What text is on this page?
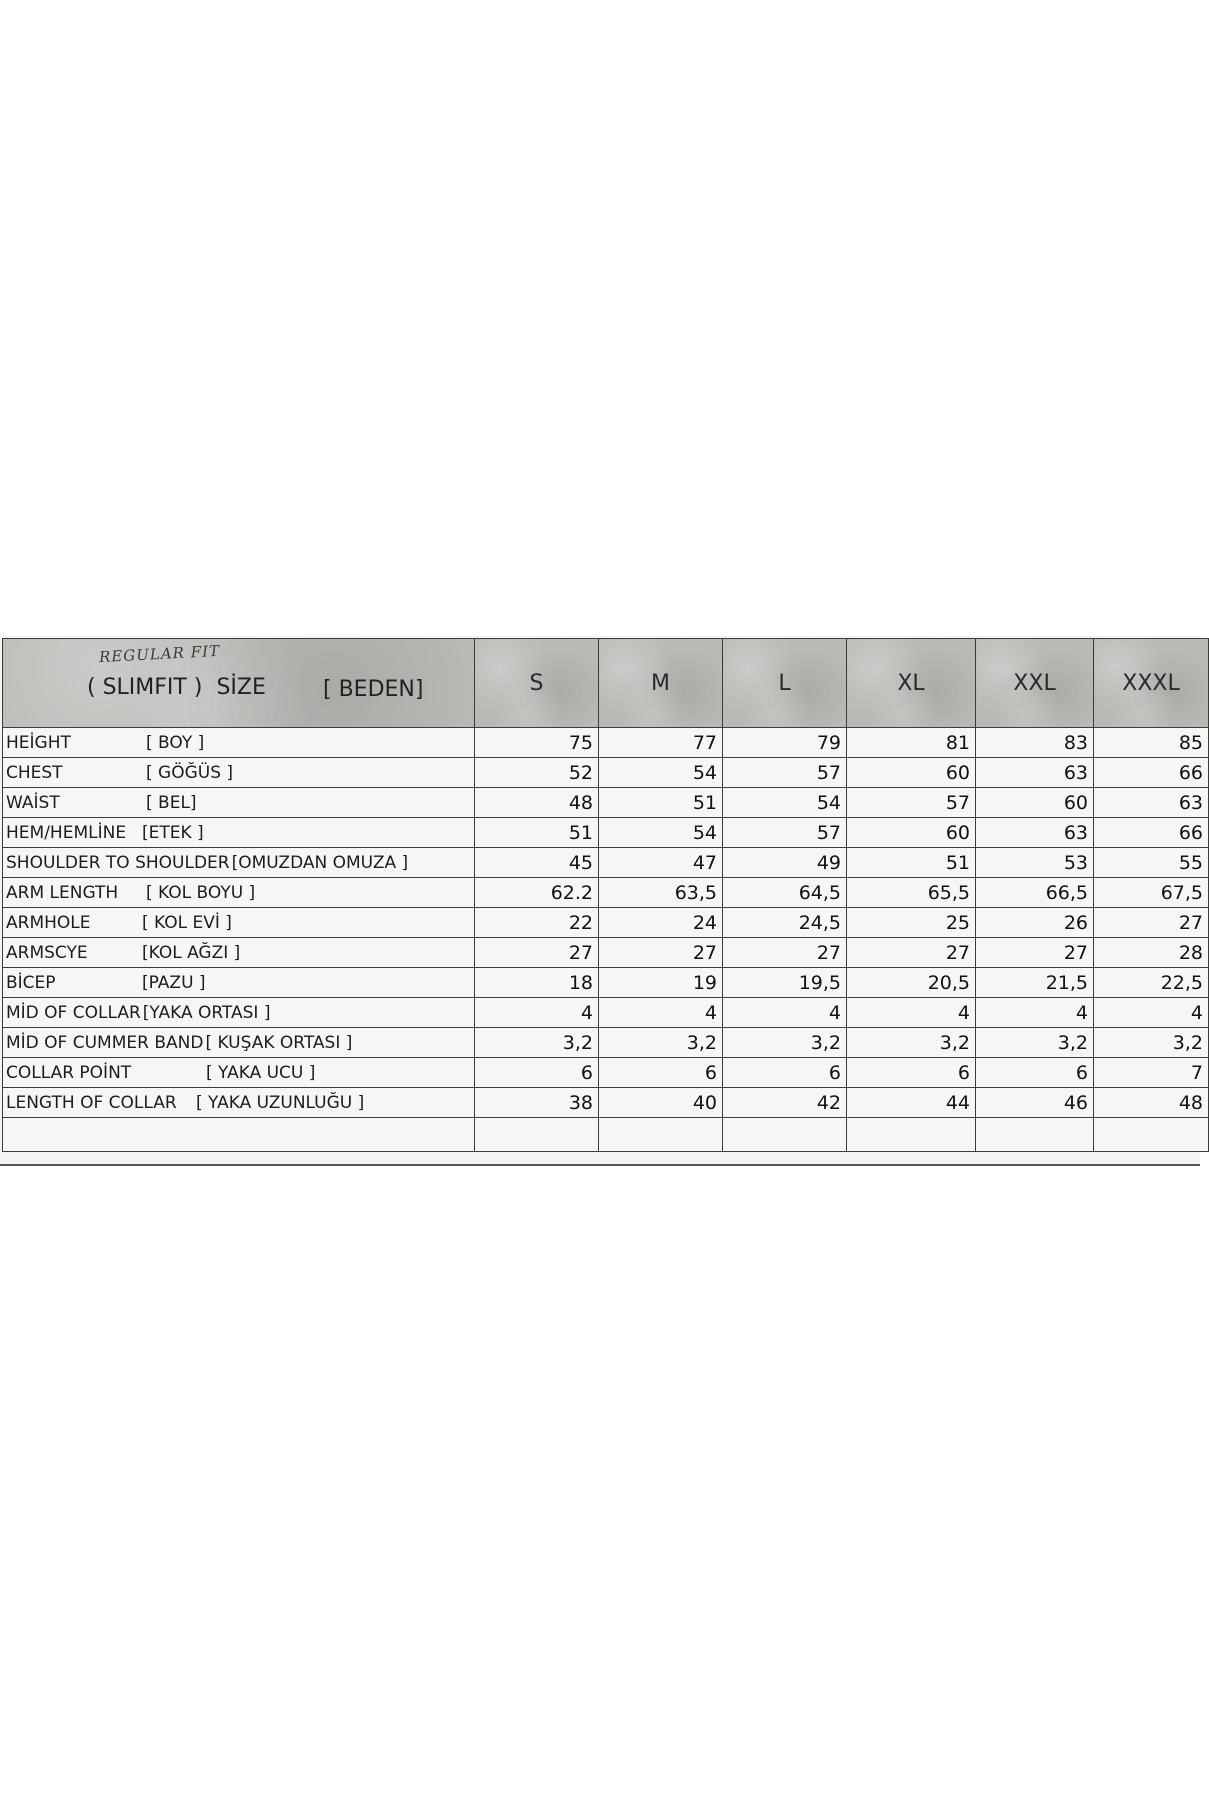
REGULAR FIT
( SLIMFIT ) SİZE [ BEDEN]	S	M	L	XL	XXL	XXXL
HEİGHT [ BOY ]	75	77	79	81	83	85
CHEST [ GÖĞÜS ]	52	54	57	60	63	66
WAİST [ BEL]	48	51	54	57	60	63
HEM/HEMLİNE [ETEK ]	51	54	57	60	63	66
SHOULDER TO SHOULDER [OMUZDAN OMUZA ]	45	47	49	51	53	55
ARM LENGTH [ KOL BOYU ]	62.2	63,5	64,5	65,5	66,5	67,5
ARMHOLE [ KOL EVİ ]	22	24	24,5	25	26	27
ARMSCYE [KOL AĞZI ]	27	27	27	27	27	28
BİCEP [PAZU ]	18	19	19,5	20,5	21,5	22,5
MİD OF COLLAR [YAKA ORTASI ]	4	4	4	4	4	4
MİD OF CUMMER BAND [ KUŞAK ORTASI ]	3,2	3,2	3,2	3,2	3,2	3,2
COLLAR POİNT [ YAKA UCU ]	6	6	6	6	6	7
LENGTH OF COLLAR [ YAKA UZUNLUĞU ]	38	40	42	44	46	48
